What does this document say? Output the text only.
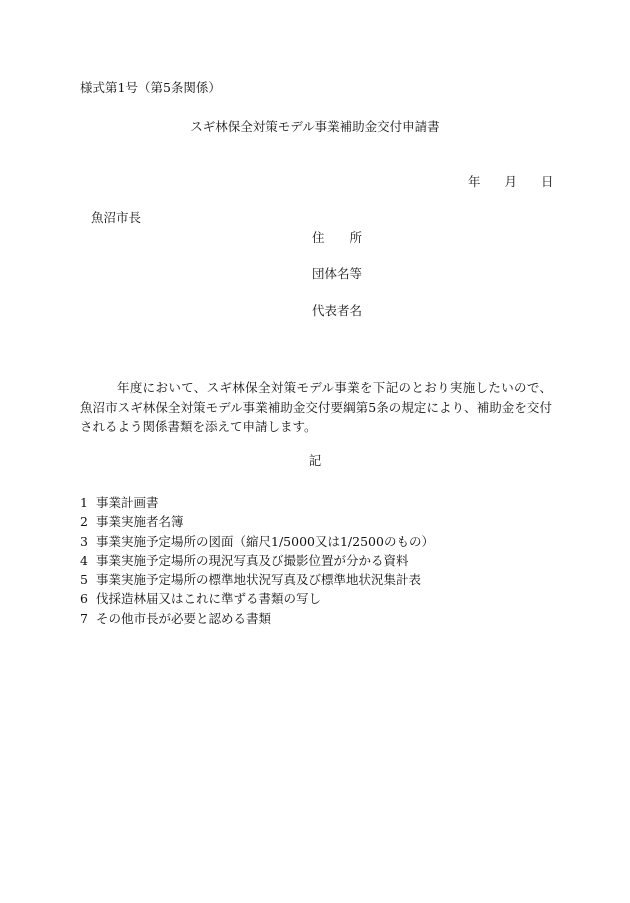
様式第1号（第5条関係）
スギ林保全対策モデル事業補助金交付申請書
年 月 日
魚沼市長
住 所
団体名等
代表者名
年度において、スギ林保全対策モデル事業を下記のとおり実施したいので、魚沼市スギ林保全対策モデル事業補助金交付要綱第5条の規定により、補助金を交付されるよう関係書類を添えて申請します。
記
1 事業計画書
2 事業実施者名簿
3 事業実施予定場所の図面（縮尺1/5000又は1/2500のもの）
4 事業実施予定場所の現況写真及び撮影位置が分かる資料
5 事業実施予定場所の標準地状況写真及び標準地状況集計表
6 伐採造林届又はこれに準ずる書類の写し
7 その他市長が必要と認める書類
